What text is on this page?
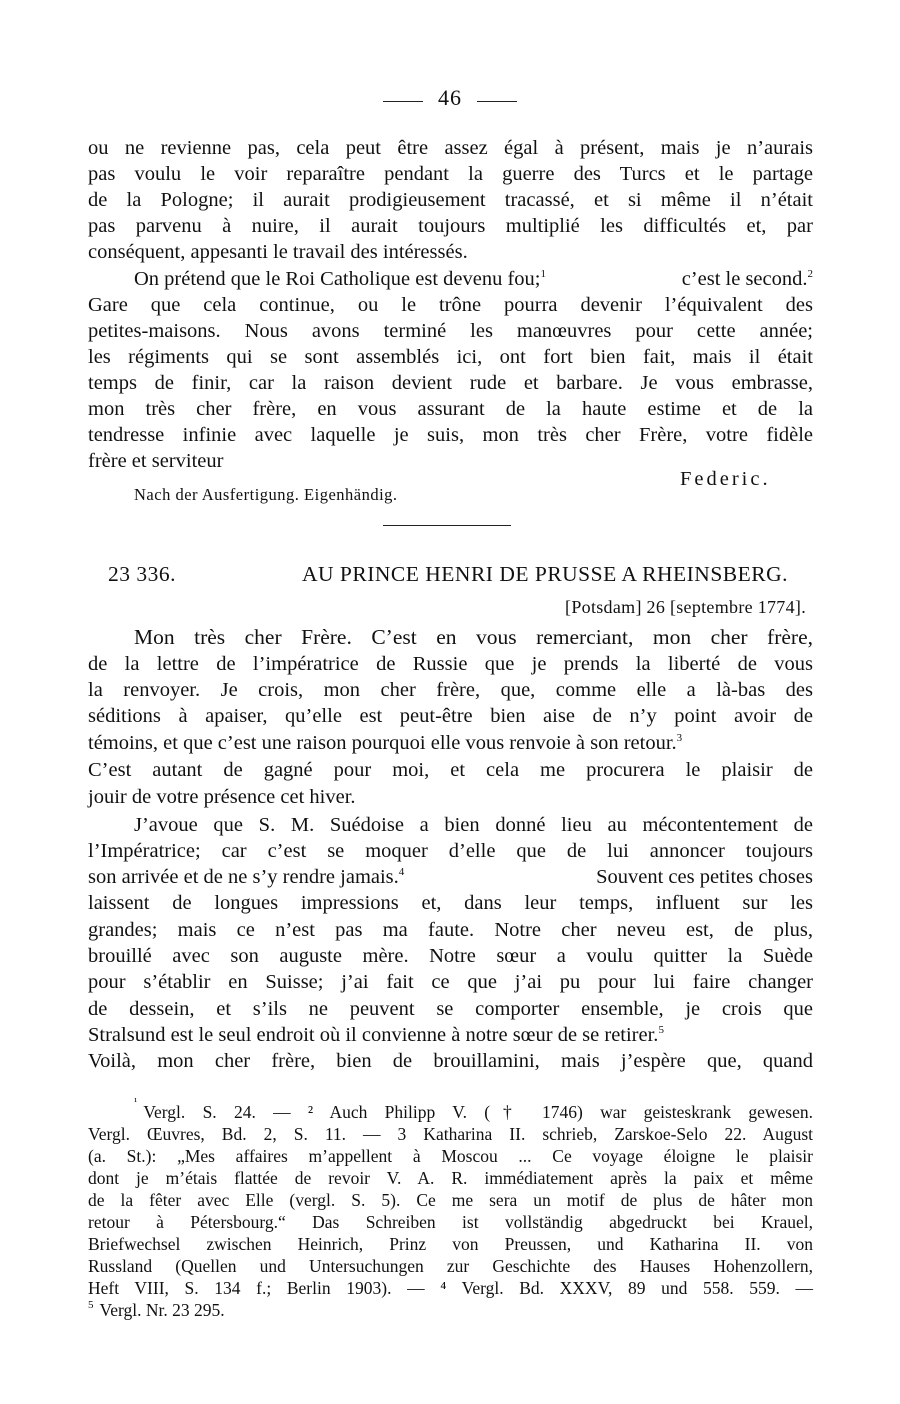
46
ou ne revienne pas, cela peut être assez égal à présent, mais je n’aurais
pas voulu le voir reparaître pendant la guerre des Turcs et le partage
de la Pologne; il aurait prodigieusement tracassé, et si même il n’était
pas parvenu à nuire, il aurait toujours multiplié les difficultés et, par
conséquent, appesanti le travail des intéressés.
On prétend que le Roi Catholique est devenu fou;$^1$	c’est le second.$^2$
Gare que cela continue, ou le trône pourra devenir l’équivalent des
petites-maisons. Nous avons terminé les manœuvres pour cette année;
les régiments qui se sont assemblés ici, ont fort bien fait, mais il était
temps de finir, car la raison devient rude et barbare. Je vous embrasse,
mon très cher frère, en vous assurant de la haute estime et de la
tendresse infinie avec laquelle je suis, mon très cher Frère, votre fidèle
frère et serviteur
Federic.
Nach der Ausfertigung. Eigenhändig.
23 336.	AU PRINCE HENRI DE PRUSSE A RHEINSBERG.
[Potsdam] 26 [septembre 1774].
Mon très cher Frère. C’est en vous remerciant, mon cher frère,
de la lettre de l’impératrice de Russie que je prends la liberté de vous
la renvoyer. Je crois, mon cher frère, que, comme elle a là-bas des
séditions à apaiser, qu’elle est peut-être bien aise de n’y point avoir de
témoins, et que c’est une raison pourquoi elle vous renvoie à son retour.$^3$
C’est autant de gagné pour moi, et cela me procurera le plaisir de
jouir de votre présence cet hiver.
J’avoue que S. M. Suédoise a bien donné lieu au mécontentement de
l’Impératrice; car c’est se moquer d’elle que de lui annoncer toujours
son arrivée et de ne s’y rendre jamais.$^4$	Souvent ces petites choses
laissent de longues impressions et, dans leur temps, influent sur les
grandes; mais ce n’est pas ma faute. Notre cher neveu est, de plus,
brouillé avec son auguste mère. Notre sœur a voulu quitter la Suède
pour s’établir en Suisse; j’ai fait ce que j’ai pu pour lui faire changer
de dessein, et s’ils ne peuvent se comporter ensemble, je crois que
Stralsund est le seul endroit où il convienne à notre sœur de se retirer.$^5$
Voilà, mon cher frère, bien de brouillamini, mais j’espère que, quand
¹ Vergl. S. 24. — ² Auch Philipp V. († 1746) war geisteskrank gewesen.
Vergl. Œuvres, Bd. 2, S. 11. — 3 Katharina II. schrieb, Zarskoe-Selo 22. August
(a. St.): „Mes affaires m’appellent à Moscou ... Ce voyage éloigne le plaisir
dont je m’étais flattée de revoir V. A. R. immédiatement après la paix et même
de la fêter avec Elle (vergl. S. 5). Ce me sera un motif de plus de hâter mon
retour à Pétersbourg.“ Das Schreiben ist vollständig abgedruckt bei Krauel,
Briefwechsel zwischen Heinrich, Prinz von Preussen, und Katharina II. von
Russland (Quellen und Untersuchungen zur Geschichte des Hauses Hohenzollern,
Heft VIII, S. 134 f.; Berlin 1903). — ⁴ Vergl. Bd. XXXV, 89 und 558. 559. —
$^5$ Vergl. Nr. 23 295.
